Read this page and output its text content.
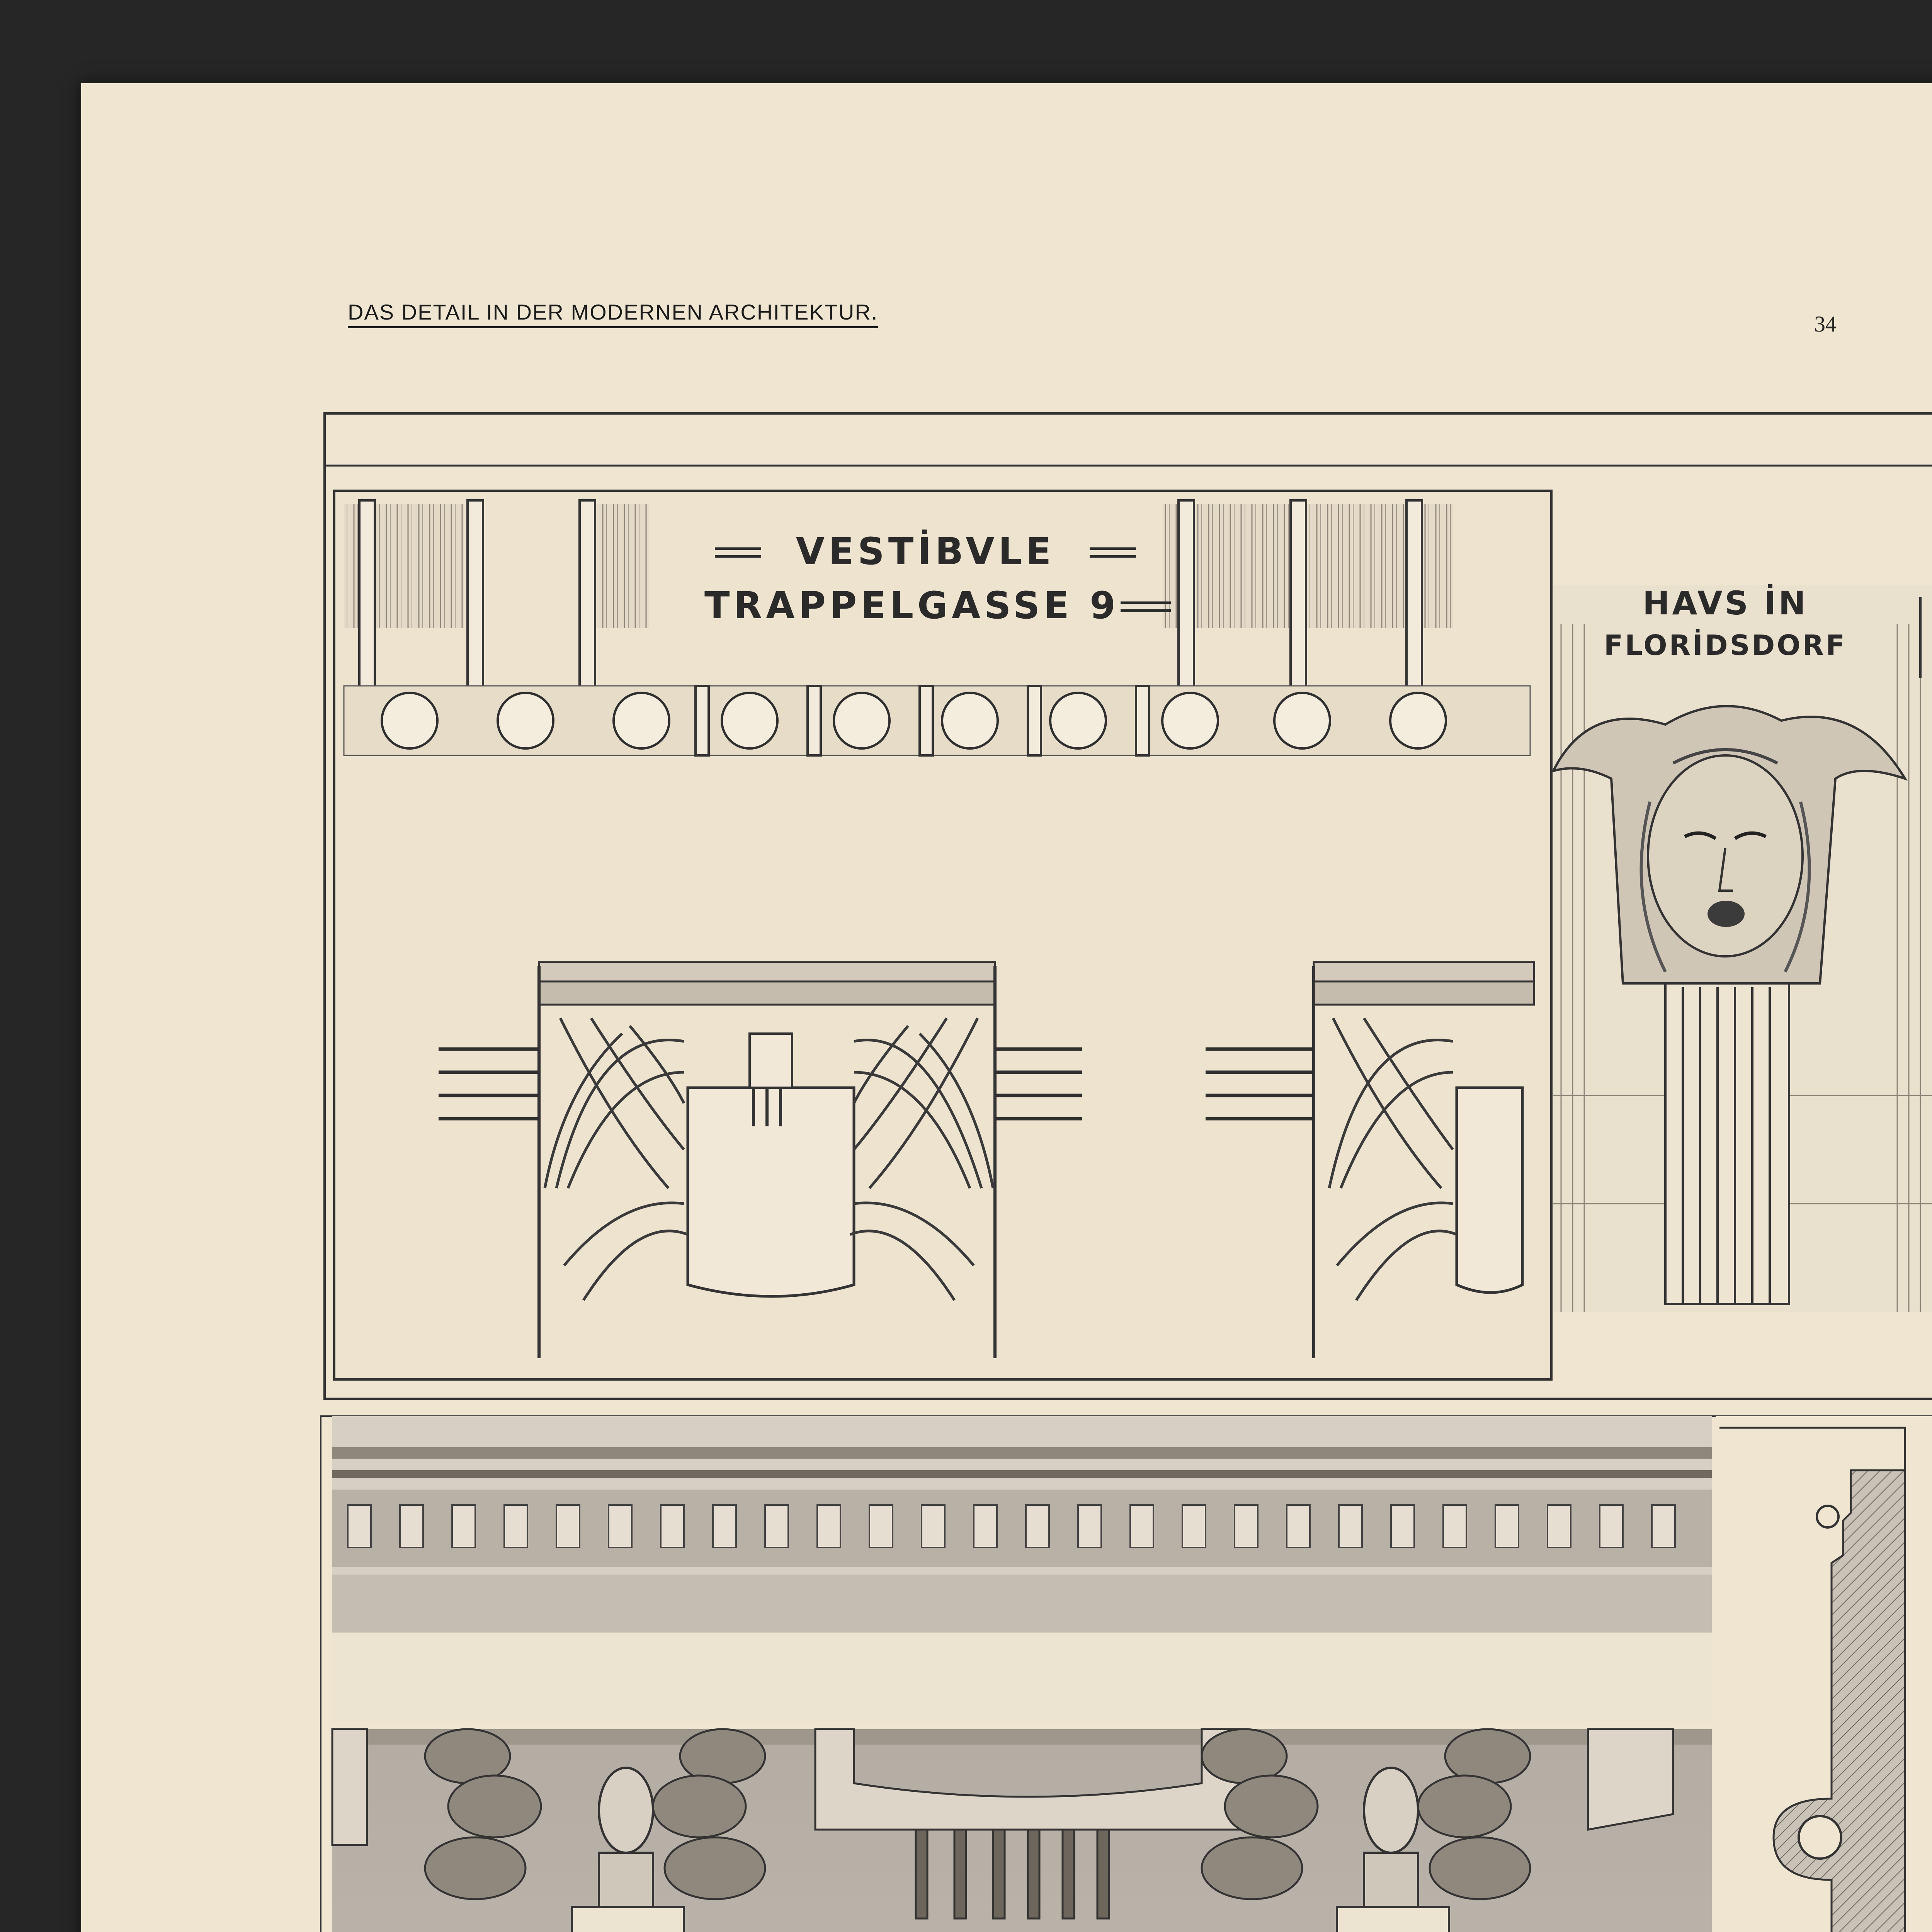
DAS DETAIL IN DER MODERNEN ARCHITEKTUR.	34
VESTİBVLE
TRAPPELGASSE 9	HAVS İN
FLORİDSDORF
